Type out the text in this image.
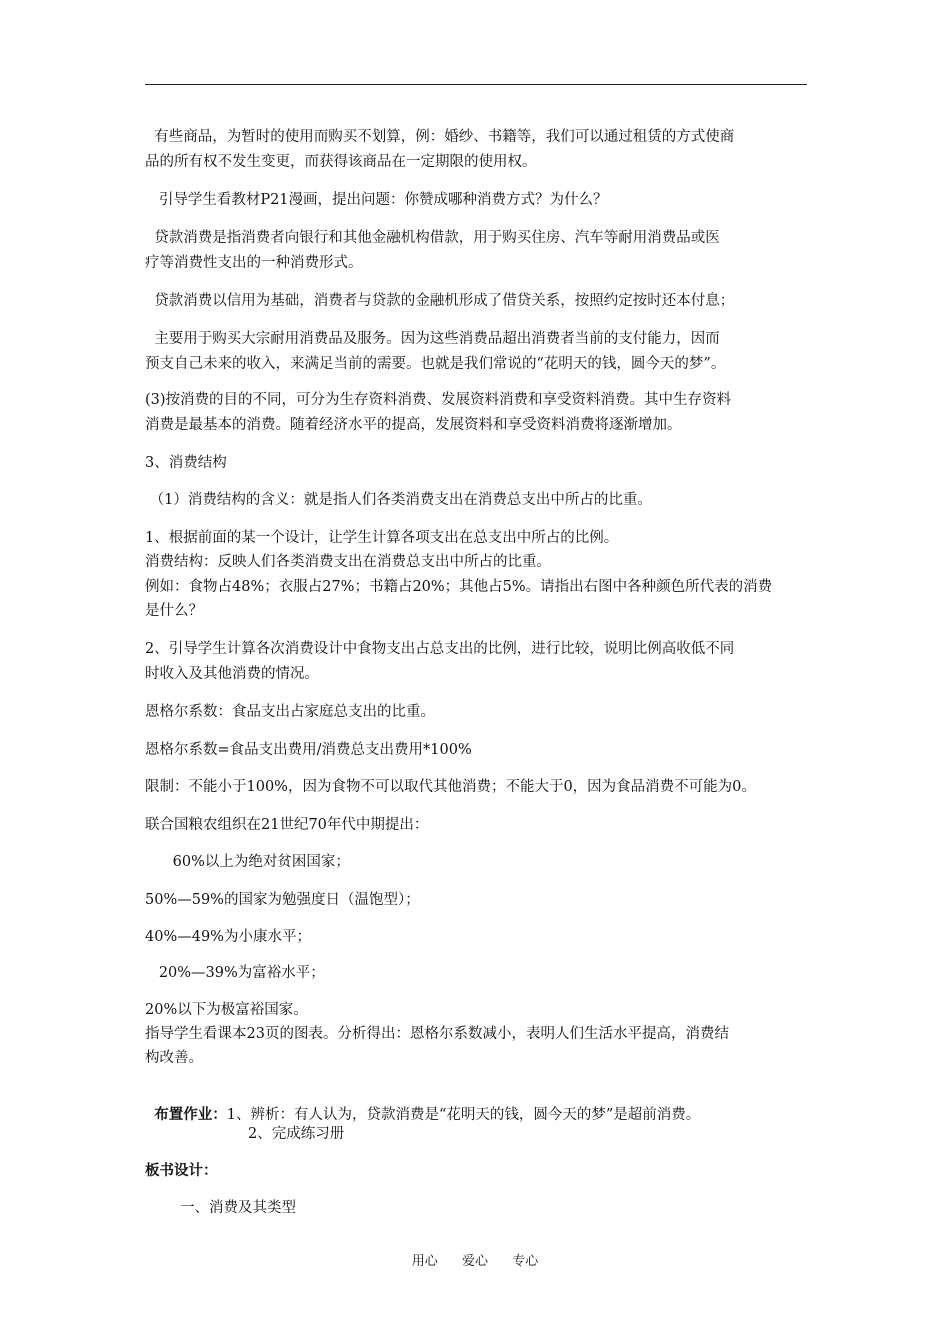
有些商品，为暂时的使用而购买不划算，例：婚纱、书籍等，我们可以通过租赁的方式使商
品的所有权不发生变更，而获得该商品在一定期限的使用权。
引导学生看教材P21漫画，提出问题：你赞成哪种消费方式？为什么？
贷款消费是指消费者向银行和其他金融机构借款，用于购买住房、汽车等耐用消费品或医
疗等消费性支出的一种消费形式。
贷款消费以信用为基础，消费者与贷款的金融机形成了借贷关系，按照约定按时还本付息；
主要用于购买大宗耐用消费品及服务。因为这些消费品超出消费者当前的支付能力，因而
预支自己未来的收入，来满足当前的需要。也就是我们常说的“花明天的钱，圆今天的梦”。
(3)按消费的目的不同，可分为生存资料消费、发展资料消费和享受资料消费。其中生存资料
消费是最基本的消费。随着经济水平的提高，发展资料和享受资料消费将逐渐增加。
3、消费结构
（1）消费结构的含义：就是指人们各类消费支出在消费总支出中所占的比重。
1、根据前面的某一个设计，让学生计算各项支出在总支出中所占的比例。
消费结构：反映人们各类消费支出在消费总支出中所占的比重。
例如：食物占48%；衣服占27%；书籍占20%；其他占5%。请指出右图中各种颜色所代表的消费
是什么？
2、引导学生计算各次消费设计中食物支出占总支出的比例，进行比较，说明比例高收低不同
时收入及其他消费的情况。
恩格尔系数：食品支出占家庭总支出的比重。
恩格尔系数=食品支出费用/消费总支出费用*100%
限制：不能小于100%，因为食物不可以取代其他消费；不能大于0，因为食品消费不可能为0。
联合国粮农组织在21世纪70年代中期提出：
60%以上为绝对贫困国家；
50%—59%的国家为勉强度日（温饱型）；
40%—49%为小康水平；
20%—39%为富裕水平；
20%以下为极富裕国家。
指导学生看课本23页的图表。分析得出：恩格尔系数减小，表明人们生活水平提高，消费结
构改善。

布置作业：1、辨析：有人认为，贷款消费是“花明天的钱，圆今天的梦”是超前消费。

2、完成练习册
板书设计：
一、消费及其类型
用心  爱心  专心
